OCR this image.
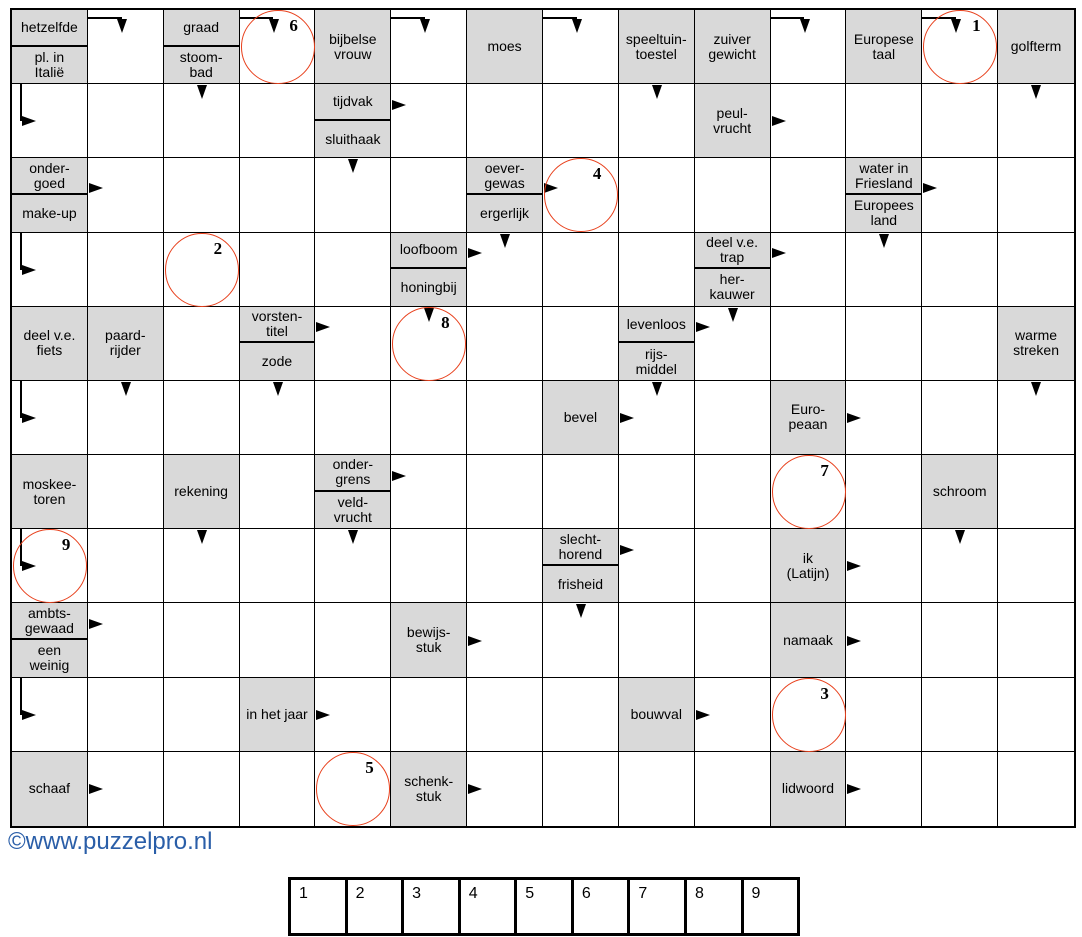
hetzelfde
pl. in
Italië
graad
stoom-
bad
bijbelse
vrouw	moes	speeltuin-
toestel
zuiver
gewicht
Europese
taal	golfterm
tijdvak
sluithaak
peul-
vrucht
onder-
goed
make-up
oever-
gewas
ergerlijk
water in
Friesland
Europees
land
loofboom
honingbij
deel v.e.
trap
her-
kauwer
deel v.e.
fiets
paard-
rijder
vorsten-
titel
zode
levenloos
rijs-
middel
warme
streken
bevel	Euro-
peaan
moskee-
toren	rekening
onder-
grens
veld-
vrucht
schroom
slecht-
horend
frisheid
ik
(Latijn)
ambts-
gewaad
een
weinig
bewijs-
stuk	namaak
in het jaar	bouwval
schaaf	schenk-
stuk	lidwoord
6	1
4
2
8
7
9
3
5
©www.puzzelpro.nl
1	2	3	4	5	6	7	8	9
